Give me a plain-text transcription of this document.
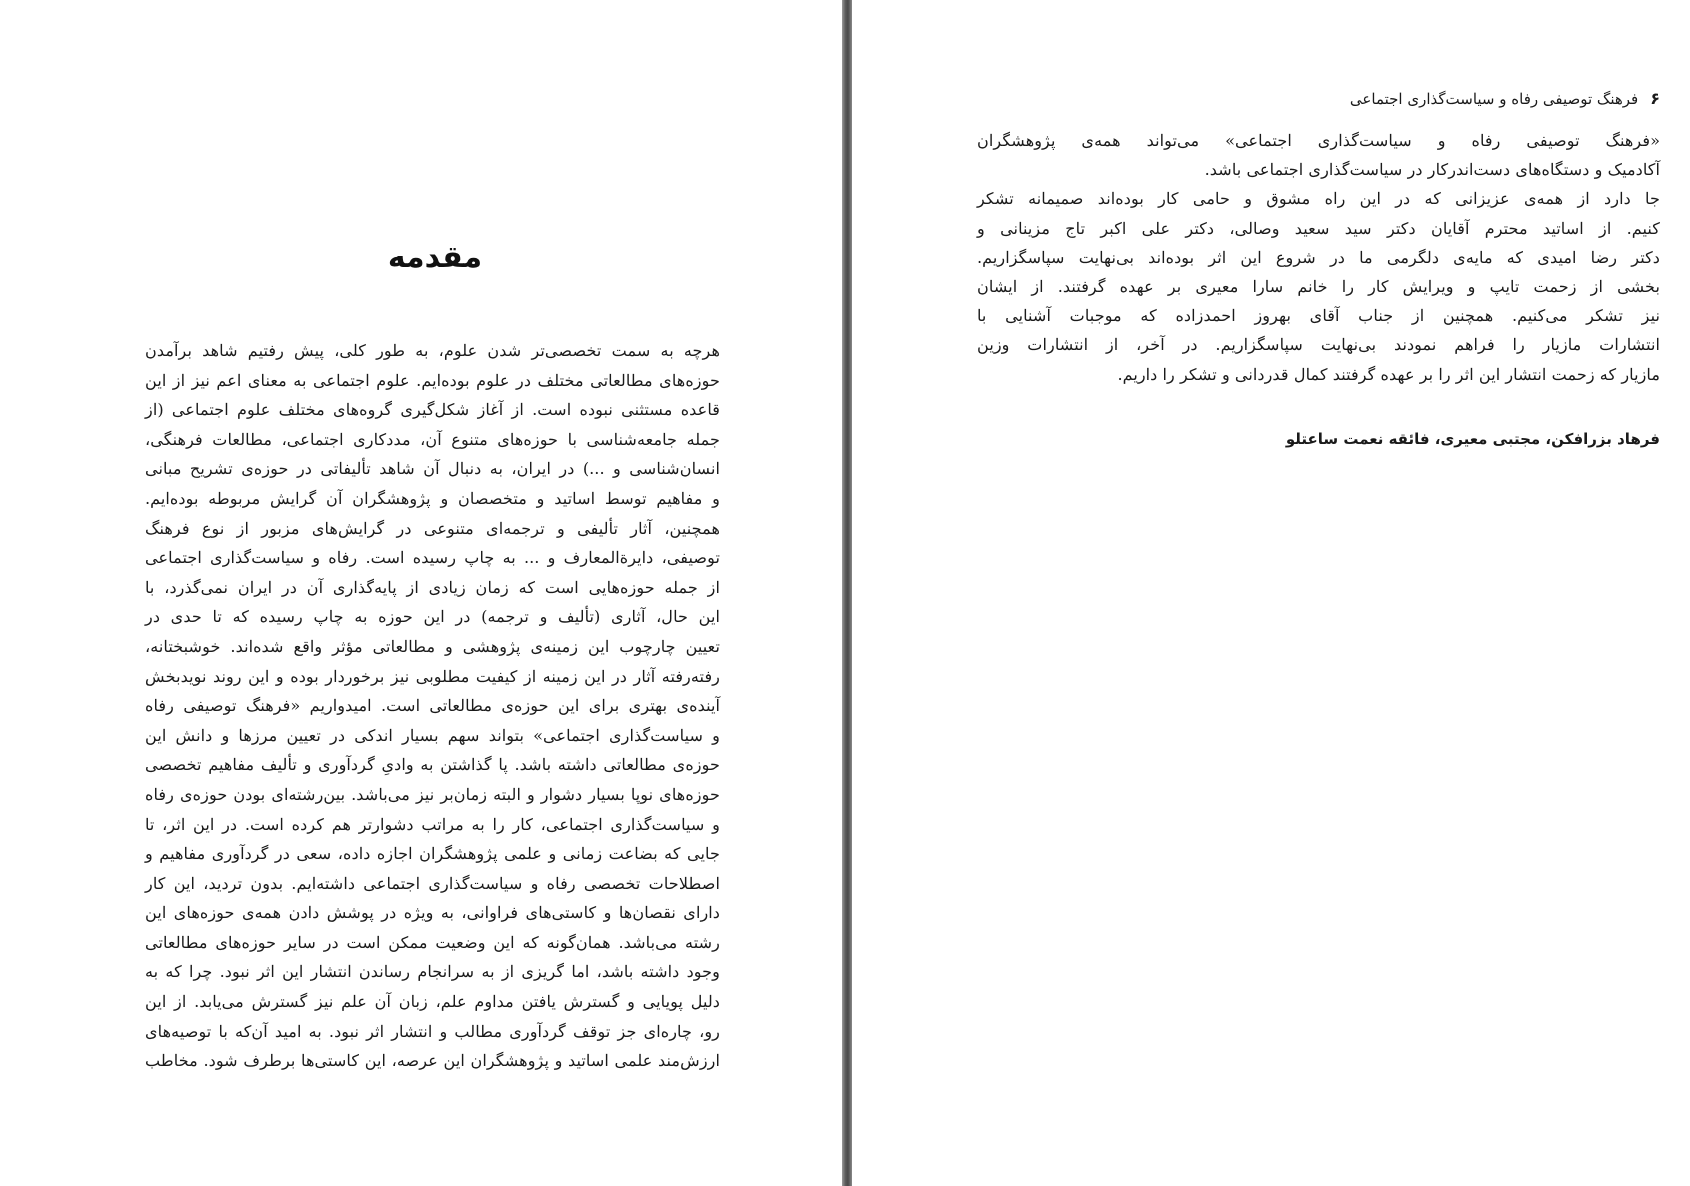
مقدمه
هرچه به سمت تخصصی‌تر شدن علوم، به طور کلی، پیش رفتیم شاهد برآمدن
حوزه‌های مطالعاتی مختلف در علوم بوده‌ایم. علوم اجتماعی به معنای اعم نیز از این
قاعده مستثنی نبوده است. از آغاز شکل‌گیری گروه‌های مختلف علوم اجتماعی (از
جمله جامعه‌شناسی با حوزه‌های متنوع آن، مددکاری اجتماعی، مطالعات فرهنگی،
انسان‌شناسی و ...) در ایران، به دنبال آن شاهد تألیفاتی در حوزه‌ی تشریح مبانی
و مفاهیم توسط اساتید و متخصصان و پژوهشگران آن گرایش مربوطه بوده‌ایم.
همچنین، آثار تألیفی و ترجمه‌ای متنوعی در گرایش‌های مزبور از نوع فرهنگ
توصیفی، دایرةالمعارف و ... به چاپ رسیده است. رفاه و سیاست‌گذاری اجتماعی
از جمله حوزه‌هایی است که زمان زیادی از پایه‌گذاری آن در ایران نمی‌گذرد، با
این حال، آثاری (تألیف و ترجمه) در این حوزه به چاپ رسیده که تا حدی در
تعیین چارچوب این زمینه‌ی پژوهشی و مطالعاتی مؤثر واقع شده‌اند. خوشبختانه،
رفته‌رفته آثار در این زمینه از کیفیت مطلوبی نیز برخوردار بوده و این روند نویدبخش
آینده‌ی بهتری برای این حوزه‌ی مطالعاتی است. امیدواریم «فرهنگ توصیفی رفاه
و سیاست‌گذاری اجتماعی» بتواند سهم بسیار اندکی در تعیین مرزها و دانش این
حوزه‌ی مطالعاتی داشته باشد. پا گذاشتن به وادیِ گردآوری و تألیف مفاهیم تخصصی
حوزه‌های نوپا بسیار دشوار و البته زمان‌بر نیز می‌باشد. بین‌رشته‌ای بودن حوزه‌ی رفاه
و سیاست‌گذاری اجتماعی، کار را به مراتب دشوارتر هم کرده است. در این اثر، تا
جایی که بضاعت زمانی و علمی پژوهشگران اجازه داده، سعی در گردآوری مفاهیم و
اصطلاحات تخصصی رفاه و سیاست‌گذاری اجتماعی داشته‌ایم. بدون تردید، این کار
دارای نقصان‌ها و کاستی‌های فراوانی، به ویژه در پوشش دادن همه‌ی حوزه‌های این
رشته می‌باشد. همان‌گونه که این وضعیت ممکن است در سایر حوزه‌های مطالعاتی
وجود داشته باشد، اما گریزی از به سرانجام رساندن انتشار این اثر نبود. چرا که به
دلیل پویایی و گسترش یافتن مداوم علم، زبان آن علم نیز گسترش می‌یابد. از این
رو، چاره‌ای جز توقف گردآوری مطالب و انتشار اثر نبود. به امید آن‌که با توصیه‌های
ارزش‌مند علمی اساتید و پژوهشگران این عرصه، این کاستی‌ها برطرف شود. مخاطب
۶
فرهنگ توصیفی رفاه و سیاست‌گذاری اجتماعی
«فرهنگ توصیفی رفاه و سیاست‌گذاری اجتماعی» می‌تواند همه‌ی پژوهشگران
آکادمیک و دستگاه‌های دست‌اندرکار در سیاست‌گذاری اجتماعی باشد.
جا دارد از همه‌ی عزیزانی که در این راه مشوق و حامی کار بوده‌اند صمیمانه تشکر
کنیم. از اساتید محترم آقایان دکتر سید سعید وصالی، دکتر علی اکبر تاج مزینانی و
دکتر رضا امیدی که مایه‌ی دلگرمی ما در شروع این اثر بوده‌اند بی‌نهایت سپاسگزاریم.
بخشی از زحمت تایپ و ویرایش کار را خانم سارا معیری بر عهده گرفتند. از ایشان
نیز تشکر می‌کنیم. همچنین از جناب آقای بهروز احمدزاده که موجبات آشنایی با
انتشارات مازیار را فراهم نمودند بی‌نهایت سپاسگزاریم. در آخر، از انتشارات وزین
مازیار که زحمت انتشار این اثر را بر عهده گرفتند کمال قدردانی و تشکر را داریم.
فرهاد بزرافکن، مجتبی معیری، فائقه نعمت ساعتلو
